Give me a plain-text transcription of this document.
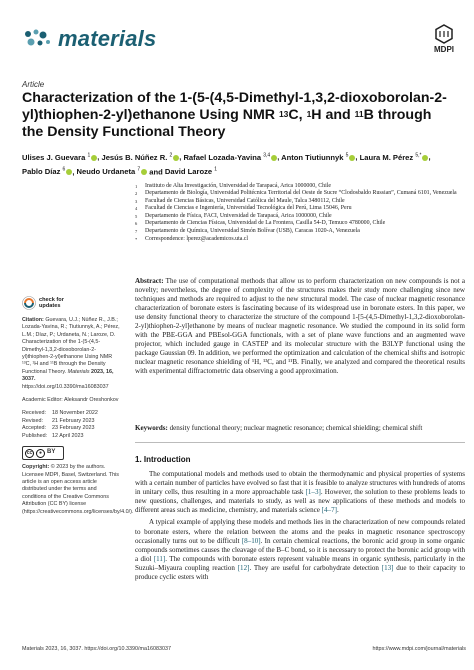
materials	MDPI
Article
Characterization of the 1-(5-(4,5-Dimethyl-1,3,2-dioxoborolan-2-yl)thiophen-2-yl)ethanone Using NMR $^{13}$C, $^1$H and $^{11}$B through the Density Functional Theory
Ulises J. Guevara $^1$ , Jesús B. Núñez R. $^2$ , Rafael Lozada-Yavina $^{3,4}$ , Anton Tiutiunnyk $^5$ , Laura M. Pérez $^{5,*}$ ,
Pablo Díaz $^6$ , Neudo Urdaneta $^7$ and David Laroze $^1$
1	Instituto de Alta Investigación, Universidad de Tarapacá, Arica 1000000, Chile
2	Departamento de Biología, Universidad Politécnica Territorial del Oeste de Sucre “Clodosbaldo Russian”, Cumaná 6101, Venezuela
3	Facultad de Ciencias Básicas, Universidad Católica del Maule, Talca 3480112, Chile
4	Facultad de Ciencias e Ingeniería, Universidad Tecnológica del Perú, Lima 15046, Peru
5	Departamento de Física, FACI, Universidad de Tarapacá, Arica 1000000, Chile
6	Departamento de Ciencias Físicas, Universidad de La Frontera, Casilla 54-D, Temuco 4780000, Chile
7	Departamento de Química, Universidad Simón Bolívar (USB), Caracas 1020-A, Venezuela
*	Correspondence: lperez@academicos.uta.cl
check for
updates
Citation: Guevara, U.J.; Núñez R., J.B.; Lozada-Yavina, R.; Tiutiunnyk, A.; Pérez, L.M.; Díaz, P.; Urdaneta, N.; Laroze, D. Characterization of the 1-(5-(4,5-Dimethyl-1,3,2-dioxoborolan-2-yl)thiophen-2-yl)ethanone Using NMR ¹³C, ¹H and ¹¹B through the Density Functional Theory. Materials 2023, 16, 3037. https://doi.org/10.3390/ma16083037
Academic Editor: Aleksandr Oreshonkov
Received:	18 November 2022
Revised:	21 February 2023
Accepted:	23 February 2023
Published: 12 April 2023
cc	● BY
Copyright: © 2023 by the authors. Licensee MDPI, Basel, Switzerland. This article is an open access article distributed under the terms and conditions of the Creative Commons Attribution (CC BY) license (https://creativecommons.org/licenses/by/4.0/).
Abstract: The use of computational methods that allow us to perform characterization on new compounds is not a novelty; nevertheless, the degree of complexity of the structures makes their study more challenging since new techniques and methods are required to adjust to the new structural model. The case of nuclear magnetic resonance characterization of boronate esters is fascinating because of its widespread use in boronate esters. In this paper, we use density functional theory to characterize the structure of the compound 1-[5-(4,5-Dimethyl-1,3,2-dioxoborolan-2-yl)thiophen-2-yl]ethanone by means of nuclear magnetic resonance. We studied the compound in its solid form with the PBE-GGA and PBEsol-GGA functionals, with a set of plane wave functions and an augmented wave projector, which included gauge in CASTEP and its molecular structure with the B3LYP functional using the package Gaussian 09. In addition, we performed the optimization and calculation of the chemical shifts and isotropic nuclear magnetic resonance shielding of ¹H, ¹³C, and ¹¹B. Finally, we analyzed and compared the theoretical results with experimental diffractometric data observing a good approximation.
Keywords: density functional theory; nuclear magnetic resonance; chemical shielding; chemical shift
1. Introduction

The computational models and methods used to obtain the thermodynamic and physical properties of systems with a certain number of particles have evolved so fast that it is feasible to analyze structures with hundreds of atoms in unitary cells, thus resulting in a more approachable task [1–3]. However, the solution to these problems leads to new questions, challenges, and materials to study, as well as new applications of these methods and models to different areas such as medicine, chemistry, and materials science [4–7].

A typical example of applying these models and methods lies in the characterization of new compounds related to boronate esters, where the relation between the atoms and the peaks in magnetic resonance spectroscopy occasionally turns out to be difficult [8–10]. In certain chemical reactions, the boronic acid group in some organic compounds sometimes causes the cleavage of the B–C bond, so it is necessary to protect the boronic acid group with a diol [11]. The compounds with boronate esters represent valuable means in organic synthesis, particularly in the Suzuki–Miyaura coupling reaction [12]. They are useful for carbohydrate detection [13] due to their capacity to produce cyclic esters with

Materials 2023, 16, 3037. https://doi.org/10.3390/ma16083037	https://www.mdpi.com/journal/materials
